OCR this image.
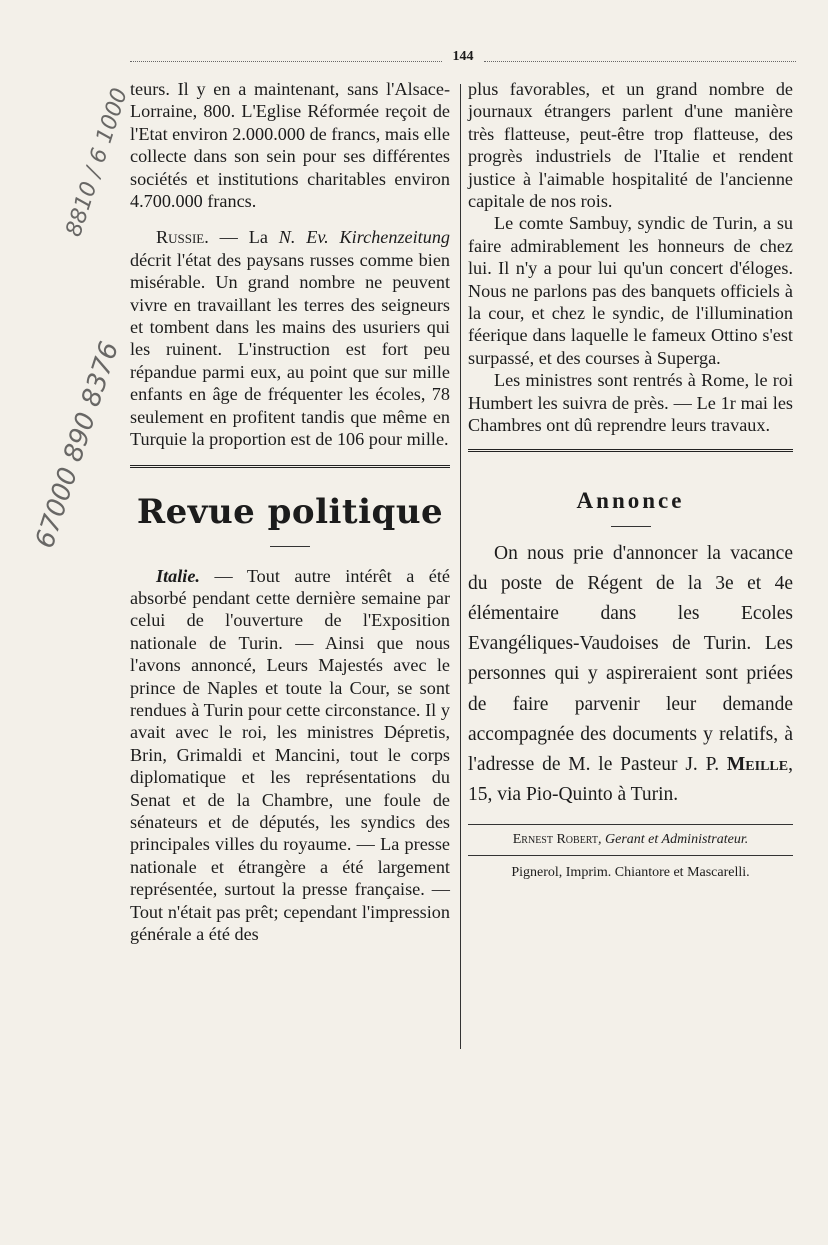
144
8810 / 6 1000
67000 890 8376

teurs. Il y en a maintenant, sans l'Alsace-Lorraine, 800. L'Eglise Réformée reçoit de l'Etat environ 2.000.000 de francs, mais elle collecte dans son sein pour ses différentes sociétés et institutions charitables environ 4.700.000 francs.

Russie. — La N. Ev. Kirchenzeitung décrit l'état des paysans russes comme bien misérable. Un grand nombre ne peuvent vivre en travaillant les terres des seigneurs et tombent dans les mains des usuriers qui les ruinent. L'instruction est fort peu répandue parmi eux, au point que sur mille enfants en âge de fréquenter les écoles, 78 seulement en profitent tandis que même en Turquie la proportion est de 106 pour mille.

Revue politique

Italie. — Tout autre intérêt a été absorbé pendant cette dernière semaine par celui de l'ouverture de l'Exposition nationale de Turin. — Ainsi que nous l'avons annoncé, Leurs Majestés avec le prince de Naples et toute la Cour, se sont rendues à Turin pour cette circonstance. Il y avait avec le roi, les ministres Dépretis, Brin, Grimaldi et Mancini, tout le corps diplomatique et les représentations du Senat et de la Chambre, une foule de sénateurs et de députés, les syndics des principales villes du royaume. — La presse nationale et étrangère a été largement représentée, surtout la presse française. — Tout n'était pas prêt; cependant l'impression générale a été des

plus favorables, et un grand nombre de journaux étrangers parlent d'une manière très flatteuse, peut-être trop flatteuse, des progrès industriels de l'Italie et rendent justice à l'aimable hospitalité de l'ancienne capitale de nos rois.

Le comte Sambuy, syndic de Turin, a su faire admirablement les honneurs de chez lui. Il n'y a pour lui qu'un concert d'éloges. Nous ne parlons pas des banquets officiels à la cour, et chez le syndic, de l'illumination féerique dans laquelle le fameux Ottino s'est surpassé, et des courses à Superga.

Les ministres sont rentrés à Rome, le roi Humbert les suivra de près. — Le 1r mai les Chambres ont dû reprendre leurs travaux.

Annonce

On nous prie d'annoncer la vacance du poste de Régent de la 3e et 4e élémentaire dans les Ecoles Evangéliques-Vaudoises de Turin. Les personnes qui y aspireraient sont priées de faire parvenir leur demande accompagnée des documents y relatifs, à l'adresse de M. le Pasteur J. P. Meille, 15, via Pio-Quinto à Turin.

Ernest Robert, Gerant et Administrateur.

Pignerol, Imprim. Chiantore et Mascarelli.
